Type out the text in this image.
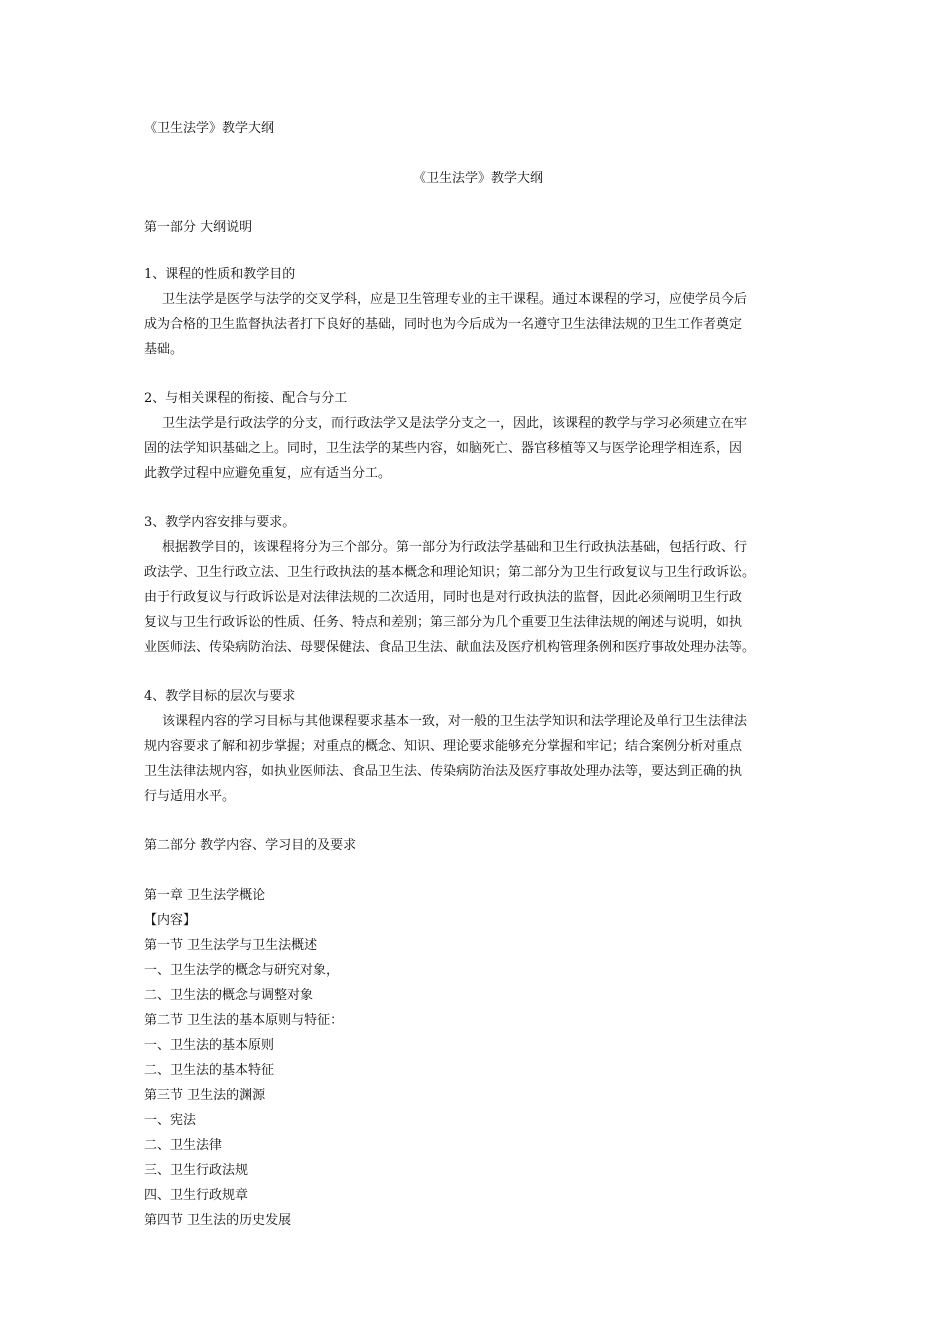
《卫生法学》教学大纲
《卫生法学》教学大纲
第一部分 大纲说明
1、课程的性质和教学目的
卫生法学是医学与法学的交叉学科，应是卫生管理专业的主干课程。通过本课程的学习，应使学员今后
成为合格的卫生监督执法者打下良好的基础，同时也为今后成为一名遵守卫生法律法规的卫生工作者奠定
基础。
2、与相关课程的衔接、配合与分工
卫生法学是行政法学的分支，而行政法学又是法学分支之一，因此，该课程的教学与学习必须建立在牢
固的法学知识基础之上。同时，卫生法学的某些内容，如脑死亡、器官移植等又与医学论理学相连系，因
此教学过程中应避免重复，应有适当分工。
3、教学内容安排与要求。
根据教学目的，该课程将分为三个部分。第一部分为行政法学基础和卫生行政执法基础，包括行政、行
政法学、卫生行政立法、卫生行政执法的基本概念和理论知识；第二部分为卫生行政复议与卫生行政诉讼。
由于行政复议与行政诉讼是对法律法规的二次适用，同时也是对行政执法的监督，因此必须阐明卫生行政
复议与卫生行政诉讼的性质、任务、特点和差别；第三部分为几个重要卫生法律法规的阐述与说明，如执
业医师法、传染病防治法、母婴保健法、食品卫生法、献血法及医疗机构管理条例和医疗事故处理办法等。
4、教学目标的层次与要求
该课程内容的学习目标与其他课程要求基本一致，对一般的卫生法学知识和法学理论及单行卫生法律法
规内容要求了解和初步掌握；对重点的概念、知识、理论要求能够充分掌握和牢记；结合案例分析对重点
卫生法律法规内容，如执业医师法、食品卫生法、传染病防治法及医疗事故处理办法等，要达到正确的执
行与适用水平。
第二部分 教学内容、学习目的及要求
第一章 卫生法学概论
【内容】
第一节 卫生法学与卫生法概述
一、卫生法学的概念与研究对象，
二、卫生法的概念与调整对象
第二节 卫生法的基本原则与特征：
一、卫生法的基本原则
二、卫生法的基本特征
第三节 卫生法的渊源
一、宪法
二、卫生法律
三、卫生行政法规
四、卫生行政规章
第四节 卫生法的历史发展
